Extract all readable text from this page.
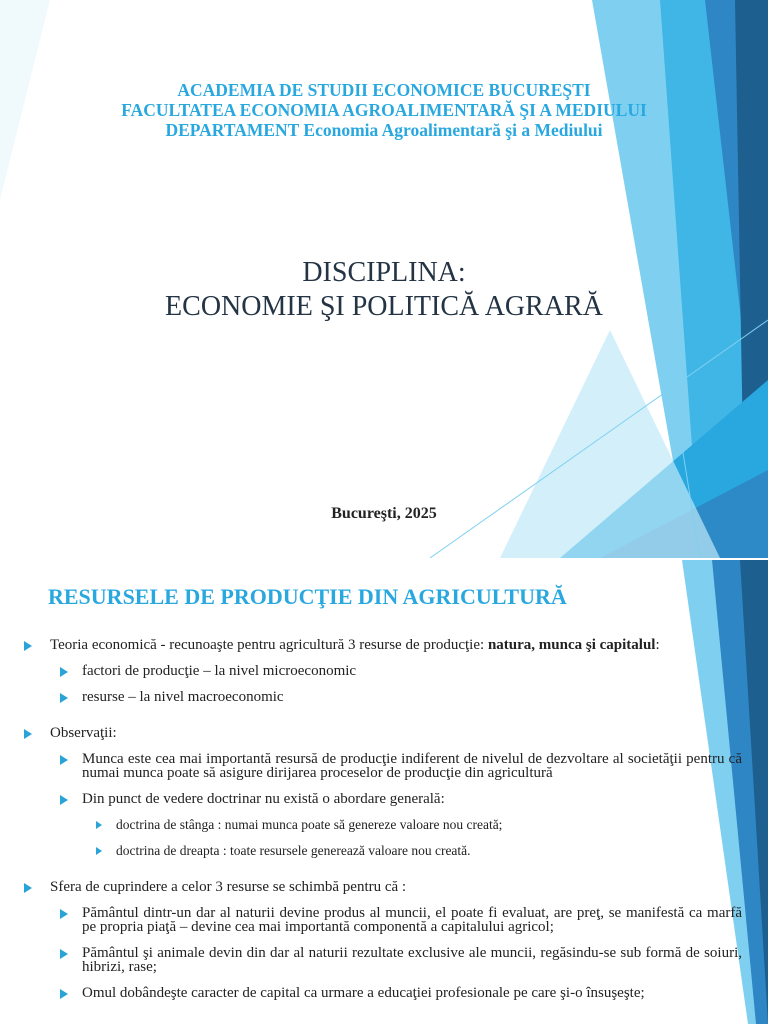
ACADEMIA DE STUDII ECONOMICE BUCUREŞTI
FACULTATEA ECONOMIA AGROALIMENTARĂ ŞI A MEDIULUI
DEPARTAMENT Economia Agroalimentară şi a Mediului
DISCIPLINA:
ECONOMIE ŞI POLITICĂ AGRARĂ
Bucureşti, 2025
RESURSELE DE PRODUCŢIE DIN AGRICULTURĂ
Teoria economică - recunoaşte pentru agricultură 3 resurse de producţie: natura, munca şi capitalul:
factori de producţie – la nivel microeconomic
resurse – la nivel macroeconomic
Observaţii:
Munca este cea mai importantă resursă de producţie indiferent de nivelul de dezvoltare al societăţii pentru că numai munca poate să asigure dirijarea proceselor de producţie din agricultură
Din punct de vedere doctrinar nu există o abordare generală:
doctrina de stânga : numai munca poate să genereze valoare nou creată;
doctrina de dreapta : toate resursele generează valoare nou creată.
Sfera de cuprindere a celor 3 resurse se schimbă pentru că :
Pământul dintr-un dar al naturii devine produs al muncii, el poate fi evaluat, are preţ, se manifestă ca marfă pe propria piaţă – devine cea mai importantă componentă a capitalului agricol;
Pământul şi animale devin din dar al naturii rezultate exclusive ale muncii, regăsindu-se sub formă de soiuri, hibrizi, rase;
Omul dobândeşte caracter de capital ca urmare a educaţiei profesionale pe care şi-o însuşeşte;
